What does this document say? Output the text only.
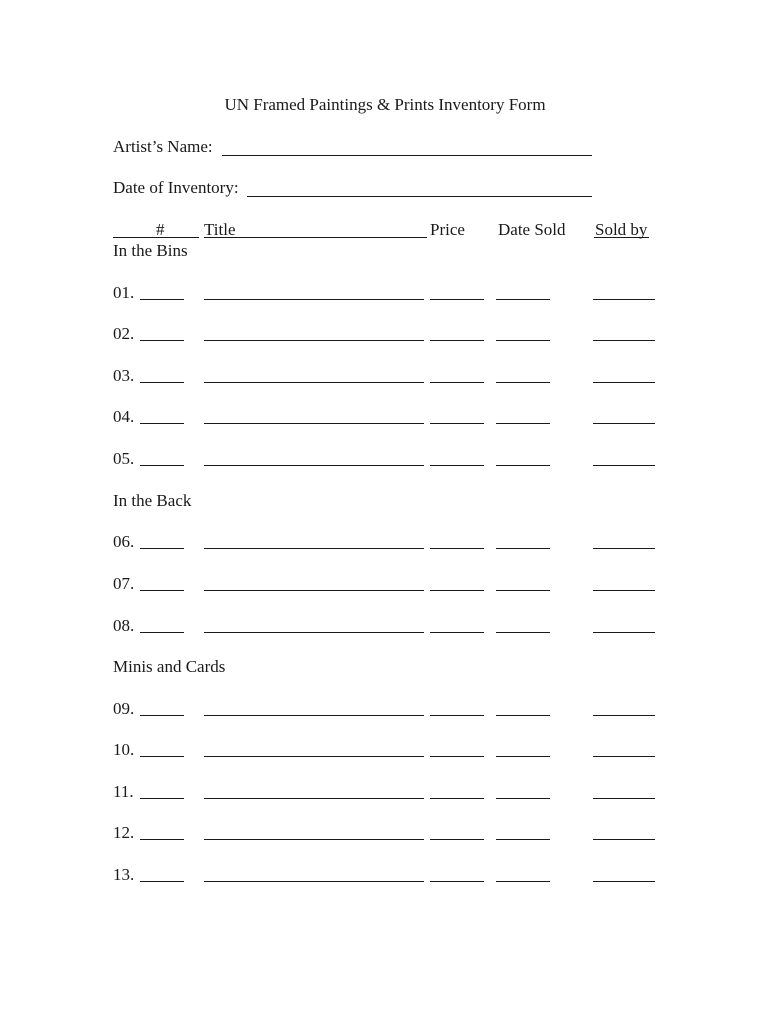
UN Framed Paintings & Prints Inventory Form
Artist’s Name:
Date of Inventory:
# Title	Price Date Sold Sold by
In the Bins
01.
02.
03.
04.
05.
In the Back
06.
07.
08.
Minis and Cards
09.
10.
11.
12.
13.
